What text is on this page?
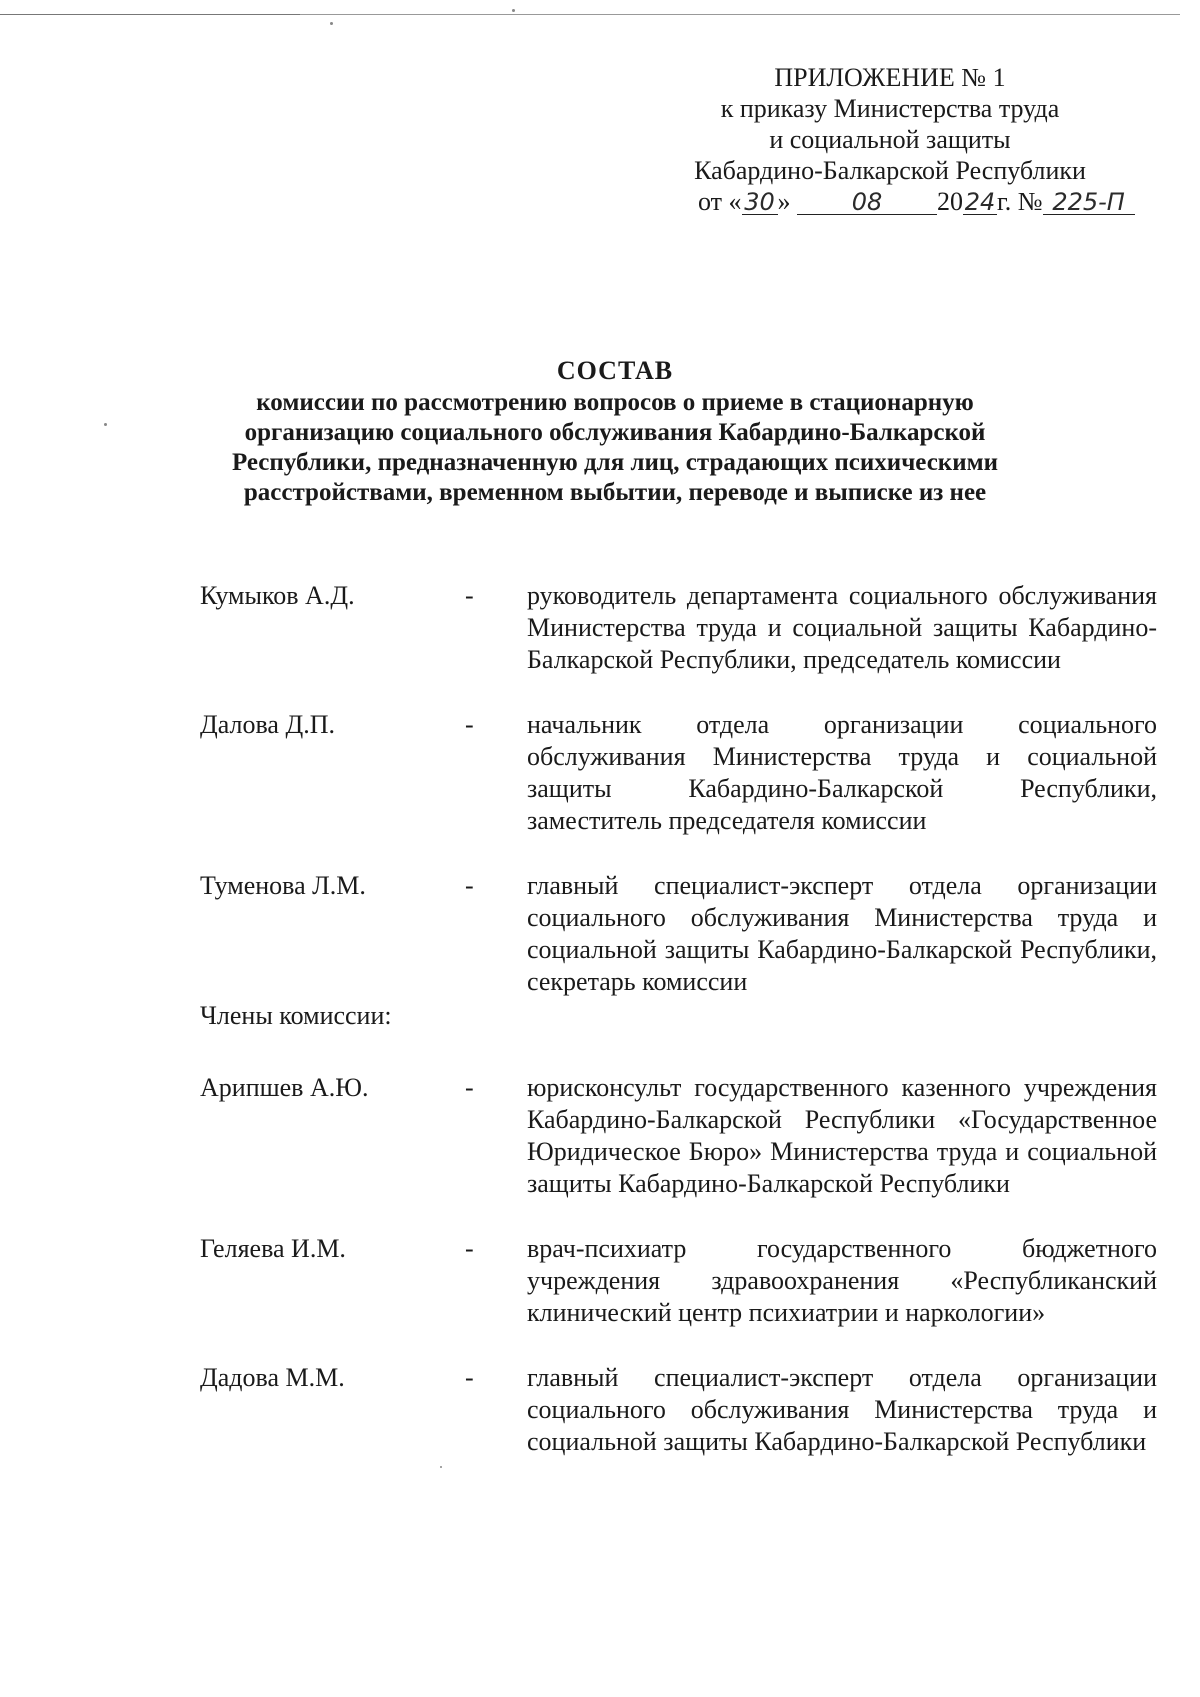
ПРИЛОЖЕНИЕ № 1
к приказу Министерства труда
и социальной защиты
Кабардино-Балкарской Республики
от « 30 »	08 2024г. № 225-П
СОСТАВ
комиссии по рассмотрению вопросов о приеме в стационарную организацию социального обслуживания Кабардино-Балкарской Республики, предназначенную для лиц, страдающих психическими расстройствами, временном выбытии, переводе и выписке из нее
Кумыков А.Д.	-	руководитель департамента социального обслуживания Министерства труда и социальной защиты Кабардино-Балкарской Республики, председатель комиссии
Далова Д.П.	-	начальник отдела организации социального обслуживания Министерства труда и социальной защиты Кабардино-Балкарской Республики, заместитель председателя комиссии
Туменова Л.М.	-	главный специалист-эксперт отдела организации социального обслуживания Министерства труда и социальной защиты Кабардино-Балкарской Республики, секретарь комиссии
Члены комиссии:
Арипшев А.Ю.	-	юрисконсульт государственного казенного учреждения Кабардино-Балкарской Республики «Государственное Юридическое Бюро» Министерства труда и социальной защиты Кабардино-Балкарской Республики
Геляева И.М.	-	врач-психиатр государственного бюджетного учреждения здравоохранения «Республиканский клинический центр психиатрии и наркологии»
Дадова М.М.	-	главный специалист-эксперт отдела организации социального обслуживания Министерства труда и социальной защиты Кабардино-Балкарской Республики
